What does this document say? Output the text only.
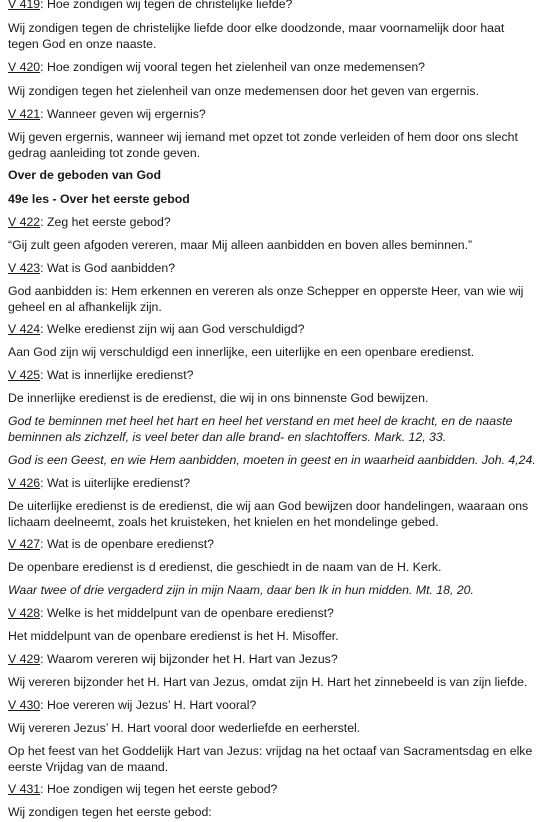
V 419: Hoe zondigen wij tegen de christelijke liefde?

Wij zondigen tegen de christelijke liefde door elke doodzonde, maar voornamelijk door haat tegen God en onze naaste.

V 420: Hoe zondigen wij vooral tegen het zielenheil van onze medemensen?

Wij zondigen tegen het zielenheil van onze medemensen door het geven van ergernis.

V 421: Wanneer geven wij ergernis?

Wij geven ergernis, wanneer wij iemand met opzet tot zonde verleiden of hem door ons slecht gedrag aanleiding tot zonde geven.

Over de geboden van God

49e les - Over het eerste gebod

V 422: Zeg het eerste gebod?

“Gij zult geen afgoden vereren, maar Mij alleen aanbidden en boven alles beminnen.”

V 423: Wat is God aanbidden?

God aanbidden is: Hem erkennen en vereren als onze Schepper en opperste Heer, van wie wij geheel en al afhankelijk zijn.

V 424: Welke eredienst zijn wij aan God verschuldigd?

Aan God zijn wij verschuldigd een innerlijke, een uiterlijke en een openbare eredienst.

V 425: Wat is innerlijke eredienst?

De innerlijke eredienst is de eredienst, die wij in ons binnenste God bewijzen.

God te beminnen met heel het hart en heel het verstand en met heel de kracht, en de naaste beminnen als zichzelf, is veel beter dan alle brand- en slachtoffers. Mark. 12, 33.

God is een Geest, en wie Hem aanbidden, moeten in geest en in waarheid aanbidden. Joh. 4,24.

V 426: Wat is uiterlijke eredienst?

De uiterlijke eredienst is de eredienst, die wij aan God bewijzen door handelingen, waaraan ons lichaam deelneemt, zoals het kruisteken, het knielen en het mondelinge gebed.

V 427: Wat is de openbare eredienst?

De openbare eredienst is d eredienst, die geschiedt in de naam van de H. Kerk.

Waar twee of drie vergaderd zijn in mijn Naam, daar ben Ik in hun midden. Mt. 18, 20.

V 428: Welke is het middelpunt van de openbare eredienst?

Het middelpunt van de openbare eredienst is het H. Misoffer.

V 429: Waarom vereren wij bijzonder het H. Hart van Jezus?

Wij vereren bijzonder het H. Hart van Jezus, omdat zijn H. Hart het zinnebeeld is van zijn liefde.

V 430: Hoe vereren wij Jezus’ H. Hart vooral?

Wij vereren Jezus’ H. Hart vooral door wederliefde en eerherstel.

Op het feest van het Goddelijk Hart van Jezus: vrijdag na het octaaf van Sacramentsdag en elke eerste Vrijdag van de maand.

V 431: Hoe zondigen wij tegen het eerste gebod?

Wij zondigen tegen het eerste gebod:
